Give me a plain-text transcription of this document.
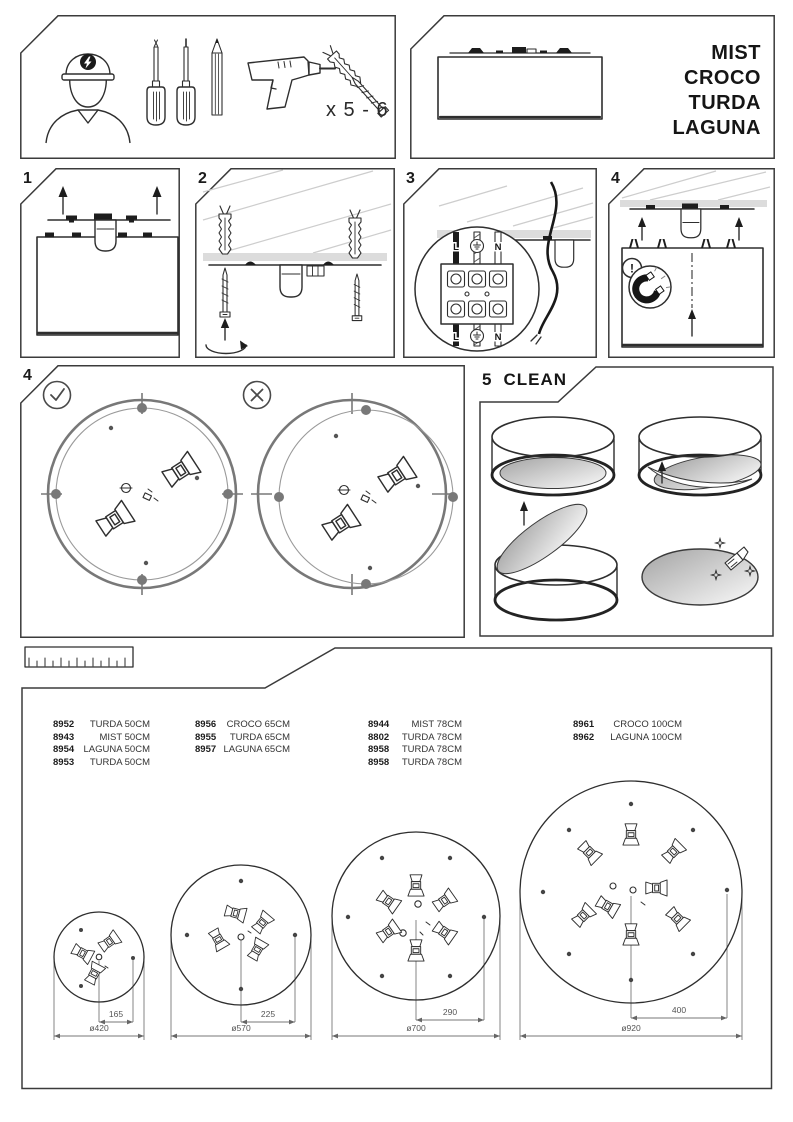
x 5 - 6
MIST
CROCO
TURDA
LAGUNA
1	2
L	N
L	N
3
!
4
4	5 CLEAN
8952 TURDA 50CM
8943	MIST 50CM
8954 LAGUNA 50CM
8953 TURDA 50CM
8956 CROCO 65CM
8955 TURDA 65CM
8957 LAGUNA 65CM
8944 MIST 78CM
8802 TURDA 78CM
8958 TURDA 78CM
8958 TURDA 78CM
8961 CROCO 100CM
8962 LAGUNA 100CM
165
ø420
225
ø570
290
ø700
400
ø920
